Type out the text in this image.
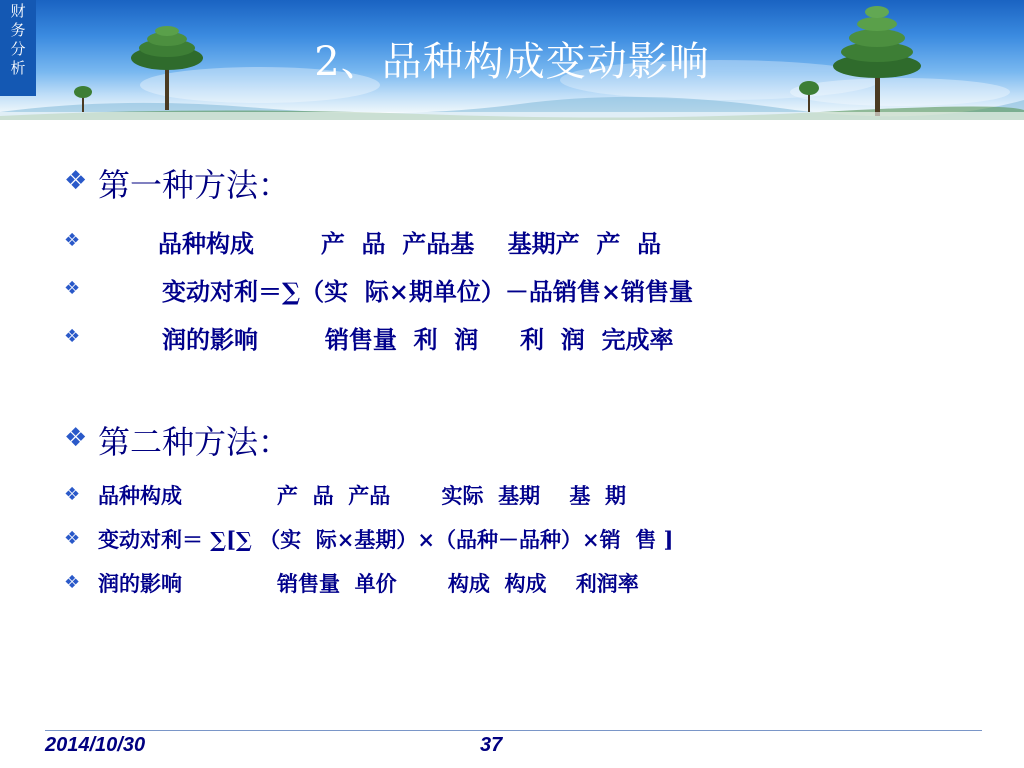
财
务
分
析	2、品种构成变动影响
❖ 第一种方法：
❖	品种构成        产  品  产品基    基期产  产  品
❖	变动对利＝∑（实  际×期单位）－品销售×销售量
❖	润的影响        销售量  利  润     利  润  完成率
❖ 第二种方法：
❖ 品种构成             产  品  产品       实际  基期    基  期
❖ 变动对利＝ ∑[∑ （实  际×基期）×（品种－品种）×销  售 ]
❖ 润的影响             销售量  单价       构成  构成    利润率
2014/10/30	37
